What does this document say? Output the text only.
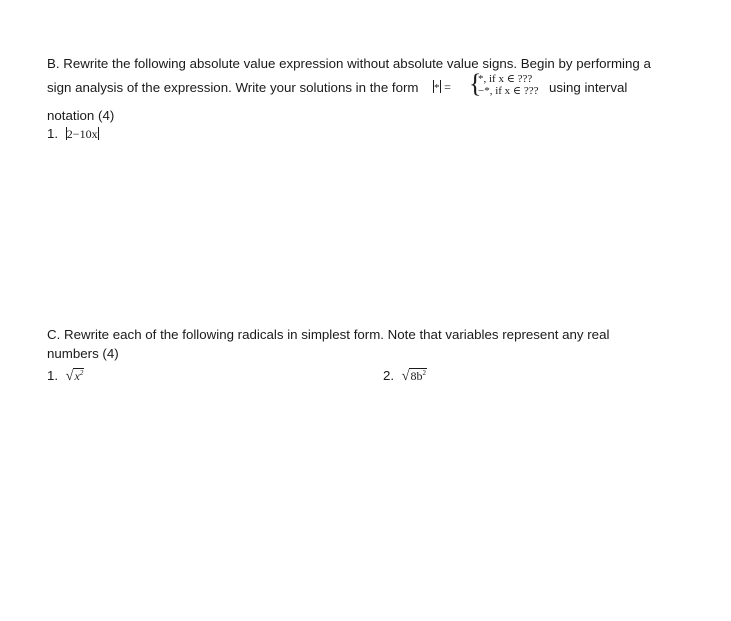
B. Rewrite the following absolute value expression without absolute value signs. Begin by performing a
sign analysis of the expression. Write your solutions in the form * = {
*, if x ∈ ???
−*, if x ∈ ??? using interval
notation (4)
1. 2−10x
C. Rewrite each of the following radicals in simplest form. Note that variables represent any real
numbers (4)
1. $√x^2$	2. $√8b^2$
